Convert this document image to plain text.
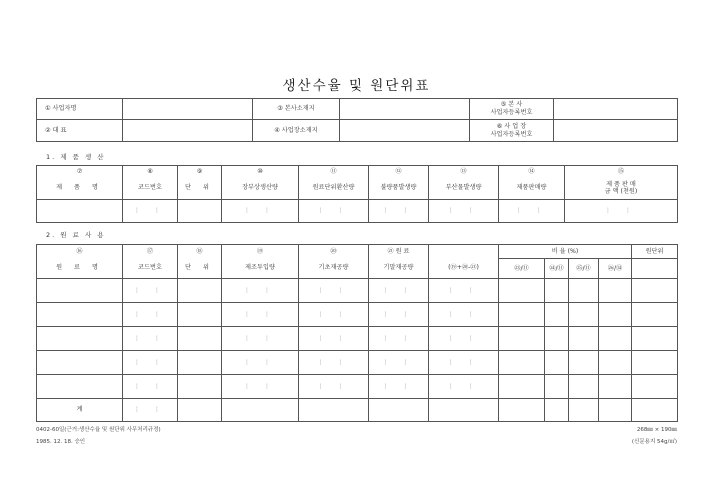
생산수율 및 원단위표
① 사업자명		③ 본사소재지		⑤ 본 사
사업자등록번호	

② 대 표		④ 사업장소재지		⑥ 사 업 장
사업자등록번호	

1. 제 품 생 산
⑦	⑧	⑨	⑩	⑪	⑫	⑬	⑭	⑮
제 품 명	코드번호	단 위	장부상생산량	원료단위환산량	불량품발생량	부산물발생량	제품판매량	제 품 판 매
금 액 (천원)

	⋮ ⋮		⋮ ⋮	⋮ ⋮	⋮ ⋮	⋮ ⋮	⋮ ⋮	⋮ ⋮
2. 원 료 사 용
⑯	⑰	⑱	⑲	⑳	㉑ 원 료		비 율 (%)				원단위
원 료 명	코드번호	단 위	제조투입량	기초재공량	기말재공량	(⑲+⑳-㉑)	㉓/⑪	㉔/⑪	㉕/⑪	㉖/⑭	
	⋮ ⋮		⋮ ⋮	⋮ ⋮	⋮ ⋮	⋮ ⋮					
	⋮ ⋮		⋮ ⋮	⋮ ⋮	⋮ ⋮	⋮ ⋮					
	⋮ ⋮		⋮ ⋮	⋮ ⋮	⋮ ⋮	⋮ ⋮					
	⋮ ⋮		⋮ ⋮	⋮ ⋮	⋮ ⋮	⋮ ⋮					
	⋮ ⋮		⋮ ⋮	⋮ ⋮	⋮ ⋮	⋮ ⋮					
계	⋮ ⋮										
0402-60일(근거:생산수율 및 원단위 사무처리규정)
1985. 12. 18. 승인
268㎜ × 190㎜
(신문용지 54g/㎡)
